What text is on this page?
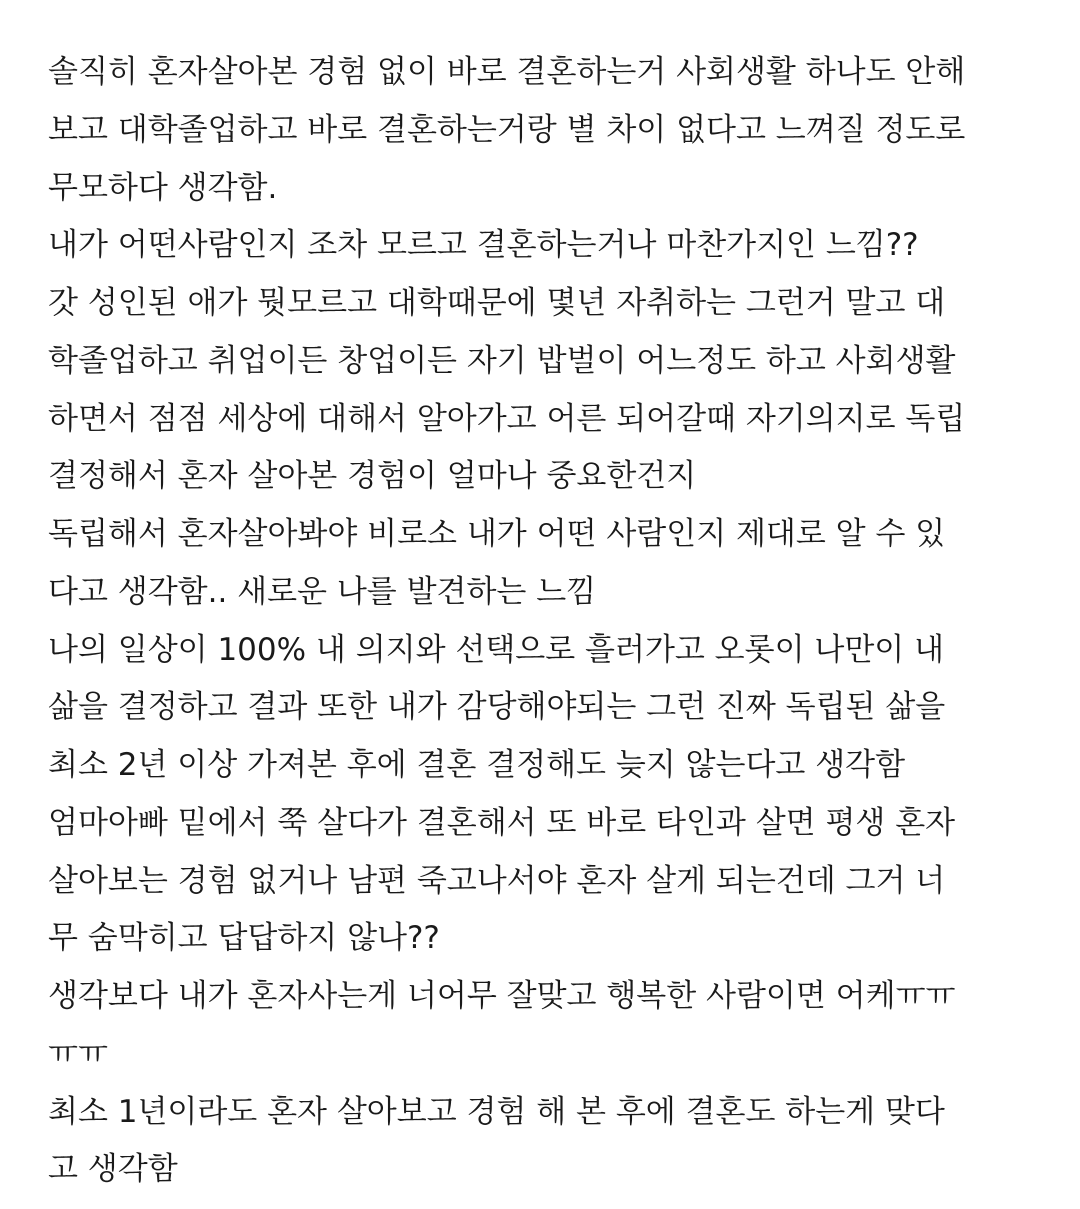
솔직히 혼자살아본 경험 없이 바로 결혼하는거 사회생활 하나도 안해
보고 대학졸업하고 바로 결혼하는거랑 별 차이 없다고 느껴질 정도로
무모하다 생각함.
내가 어떤사람인지 조차 모르고 결혼하는거나 마찬가지인 느낌??
갓 성인된 애가 뭣모르고 대학때문에 몇년 자취하는 그런거 말고 대
학졸업하고 취업이든 창업이든 자기 밥벌이 어느정도 하고 사회생활
하면서 점점 세상에 대해서 알아가고 어른 되어갈때 자기의지로 독립
결정해서 혼자 살아본 경험이 얼마나 중요한건지
독립해서 혼자살아봐야 비로소 내가 어떤 사람인지 제대로 알 수 있
다고 생각함.. 새로운 나를 발견하는 느낌
나의 일상이 100% 내 의지와 선택으로 흘러가고 오롯이 나만이 내
삶을 결정하고 결과 또한 내가 감당해야되는 그런 진짜 독립된 삶을
최소 2년 이상 가져본 후에 결혼 결정해도 늦지 않는다고 생각함
엄마아빠 밑에서 쭉 살다가 결혼해서 또 바로 타인과 살면 평생 혼자
살아보는 경험 없거나 남편 죽고나서야 혼자 살게 되는건데 그거 너
무 숨막히고 답답하지 않나??
생각보다 내가 혼자사는게 너어무 잘맞고 행복한 사람이면 어케ㅠㅠ
ㅠㅠ
최소 1년이라도 혼자 살아보고 경험 해 본 후에 결혼도 하는게 맞다
고 생각함
